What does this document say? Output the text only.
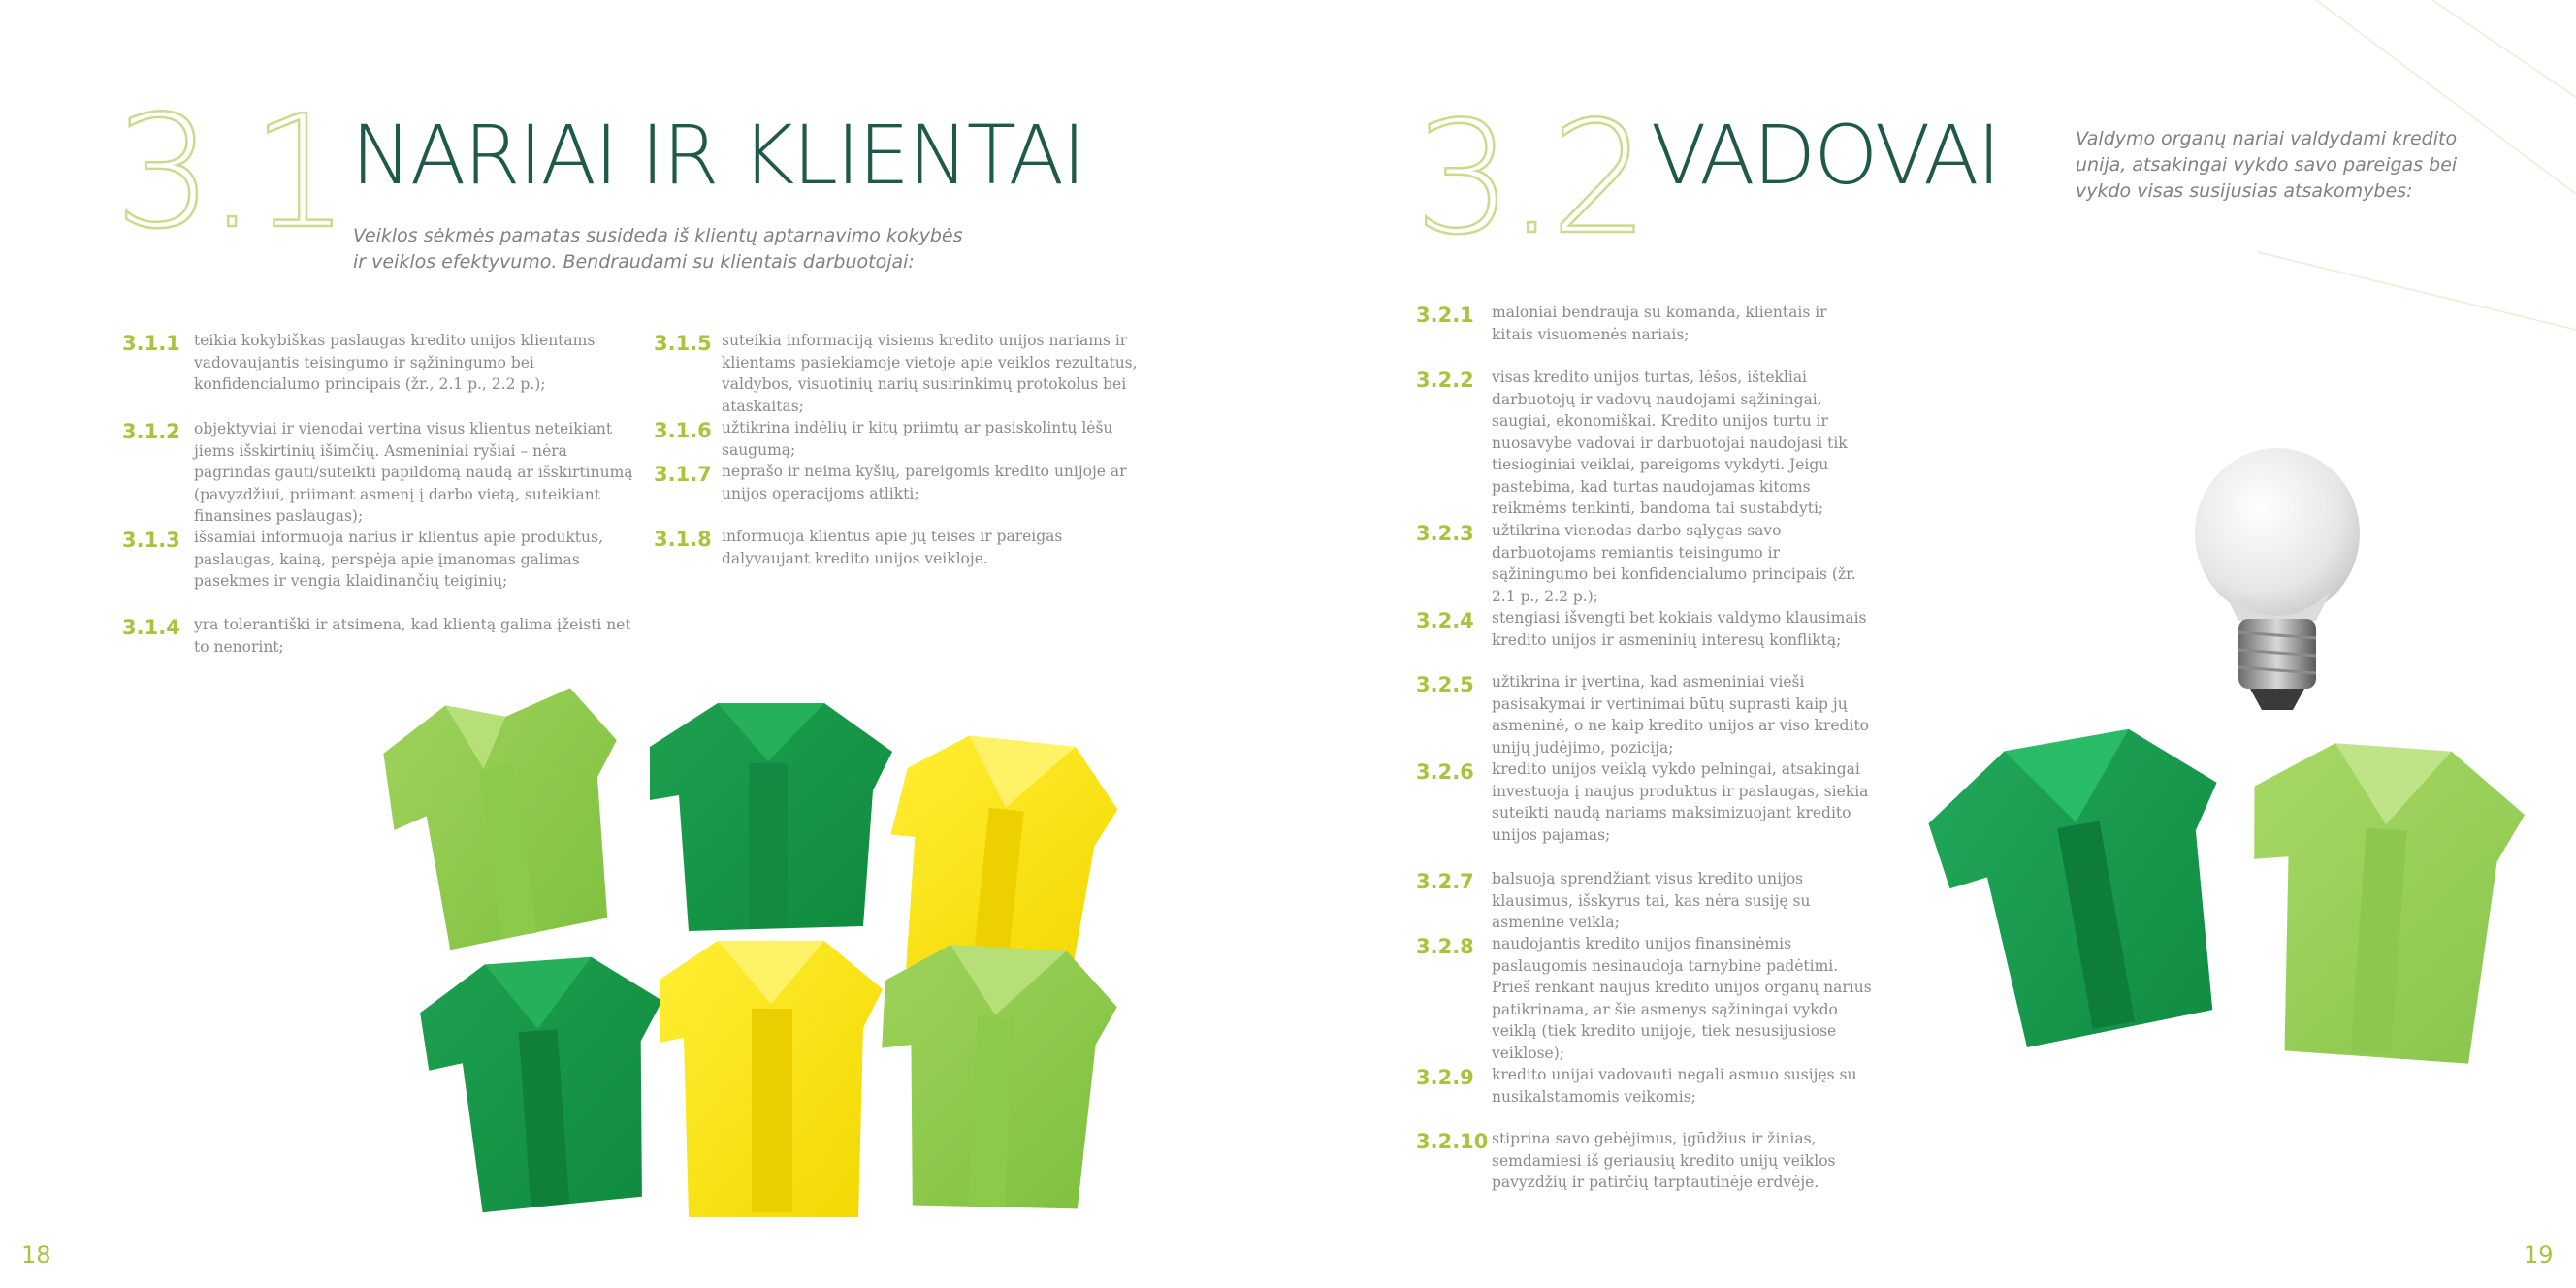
3.1 NARIAI IR KLIENTAI
Veiklos sėkmės pamatas susideda iš klientų aptarnavimo kokybės ir veiklos efektyvumo. Bendraudami su klientais darbuotojai:
3.1.1 teikia kokybiškas paslaugas kredito unijos klientams vadovaujantis teisingumo ir sąžiningumo bei konfidencialumo principais (žr., 2.1 p., 2.2 p.);
3.1.2 objektyviai ir vienodai vertina visus klientus neteikiant jiems išskirtinių išimčių. Asmeniniai ryšiai – nėra pagrindas gauti/suteikti papildomą naudą ar išskirtinumą (pavyzdžiui, priimant asmenį į darbo vietą, suteikiant finansines paslaugas);
3.1.3 išsamiai informuoja narius ir klientus apie produktus, paslaugas, kainą, perspėja apie įmanomas galimas pasekmes ir vengia klaidinančių teiginių;
3.1.4 yra tolerantiški ir atsimena, kad klientą galima įžeisti net to nenorint;
3.1.5 suteikia informaciją visiems kredito unijos nariams ir klientams pasiekiamoje vietoje apie veiklos rezultatus, valdybos, visuotinių narių susirinkimų protokolus bei ataskaitas;
3.1.6 užtikrina indėlių ir kitų priimtų ar pasiskolintų lėšų saugumą;
3.1.7 neprašo ir neima kyšių, pareigomis kredito unijoje ar unijos operacijoms atlikti;
3.1.8 informuoja klientus apie jų teises ir pareigas dalyvaujant kredito unijos veikloje.
18
3.2 VADOVAI	Valdymo organų nariai valdydami kredito unija, atsakingai vykdo savo pareigas bei vykdo visas susijusias atsakomybes:
3.2.1 maloniai bendrauja su komanda, klientais ir kitais visuomenės nariais;
3.2.2 visas kredito unijos turtas, lėšos, ištekliai darbuotojų ir vadovų naudojami sąžiningai, saugiai, ekonomiškai. Kredito unijos turtu ir nuosavybe vadovai ir darbuotojai naudojasi tik tiesioginiai veiklai, pareigoms vykdyti. Jeigu pastebima, kad turtas naudojamas kitoms reikmėms tenkinti, bandoma tai sustabdyti;
3.2.3 užtikrina vienodas darbo sąlygas savo darbuotojams remiantis teisingumo ir sąžiningumo bei konfidencialumo principais (žr. 2.1 p., 2.2 p.);
3.2.4 stengiasi išvengti bet kokiais valdymo klausimais kredito unijos ir asmeninių interesų konfliktą;
3.2.5 užtikrina ir įvertina, kad asmeniniai vieši pasisakymai ir vertinimai būtų suprasti kaip jų asmeninė, o ne kaip kredito unijos ar viso kredito unijų judėjimo, pozicija;
3.2.6 kredito unijos veiklą vykdo pelningai, atsakingai investuoja į naujus produktus ir paslaugas, siekia suteikti naudą nariams maksimizuojant kredito unijos pajamas;
3.2.7 balsuoja sprendžiant visus kredito unijos klausimus, išskyrus tai, kas nėra susiję su asmenine veikla;
3.2.8 naudojantis kredito unijos finansinėmis paslaugomis nesinaudoja tarnybine padėtimi. Prieš renkant naujus kredito unijos organų narius patikrinama, ar šie asmenys sąžiningai vykdo veiklą (tiek kredito unijoje, tiek nesusijusiose veiklose);
3.2.9 kredito unijai vadovauti negali asmuo susijęs su nusikalstamomis veikomis;
3.2.10 stiprina savo gebėjimus, įgūdžius ir žinias, semdamiesi iš geriausių kredito unijų veiklos pavyzdžių ir patirčių tarptautinėje erdvėje.
19
